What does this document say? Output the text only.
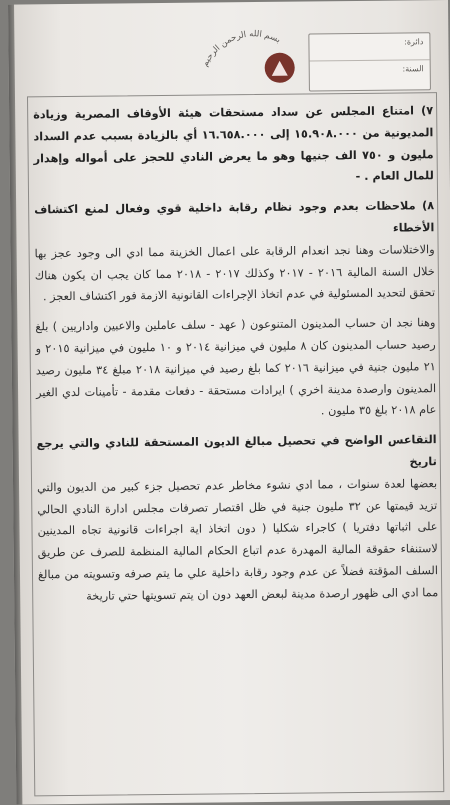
بسم الله الرحمن الرحيم	دائرة:
السنة:

٧) امتناع المجلس عن سداد مستحقات هيئة الأوقاف المصرية وزيادة المديونية من ١٥.٩٠٨.٠٠٠ إلى ١٦.٦٥٨.٠٠٠ أي بالزيادة بسبب عدم السداد مليون و ٧٥٠ الف جنيها وهو ما يعرض النادي للحجز على أمواله وإهدار للمال العام . -

٨) ملاحظات بعدم وجود نظام رقابة داخلية قوي وفعال لمنع اكتشاف الأخطاء

والاختلاسات وهنا نجد انعدام الرقابة على اعمال الخزينة مما ادي الى وجود عجز بها خلال السنة المالية ٢٠١٦ - ٢٠١٧ وكذلك ٢٠١٧ - ٢٠١٨ مما كان يجب ان يكون هناك تحقق لتحديد المسئولية في عدم اتخاذ الإجراءات القانونية الازمة فور اكتشاف العجز .

وهنا نجد ان حساب المدينون المتنوعون ( عهد - سلف عاملين والاعبين واداريين ) بلغ رصيد حساب المدينون كان ٨ مليون في ميزانية ٢٠١٤ و ١٠ مليون في ميزانية ٢٠١٥ و ٢١ مليون جنية في ميزانية ٢٠١٦ كما بلغ رصيد في ميزانية ٢٠١٨ مبلغ ٣٤ مليون رصيد المدينون وارصدة مدينة اخري ) ايرادات مستحقة - دفعات مقدمة - تأمينات لدي الغير عام ٢٠١٨ بلغ ٣٥ مليون .

التقاعس الواضح في تحصيل مبالغ الديون المستحقة للنادي والتي يرجع تاريخ

بعضها لعدة سنوات ، مما ادي نشوء مخاطر عدم تحصيل جزء كبير من الديون والتي تزيد قيمتها عن ٣٢ مليون جنية في ظل اقتصار تصرفات مجلس ادارة النادي الحالي على اثباتها دفتريا ) كاجراء شكليا ( دون اتخاذ اية اجراءات قانونية تجاه المدينين لاستنفاء حقوقة المالية المهدرة عدم اتباع الحكام المالية المنظمة للصرف عن طريق السلف المؤقتة فضلاً عن عدم وجود رقابة داخلية علي ما يتم صرفه وتسويته من مبالغ مما ادي الى ظهور ارصدة مدينة لبعض العهد دون ان يتم تسويتها حتي تاريخة
